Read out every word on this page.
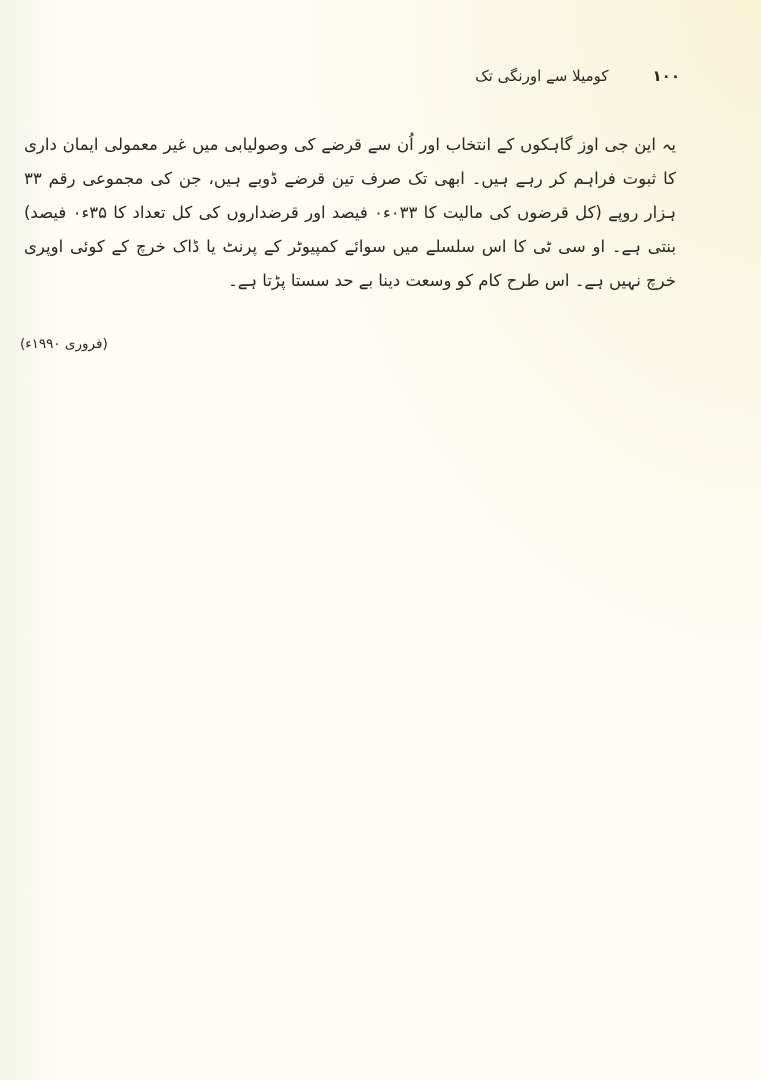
۱۰۰
کومیلا سے اورنگی تک

یہ این جی اوز گاہکوں کے انتخاب اور اُن سے قرضے کی وصولیابی میں غیر معمولی ایمان داری کا ثبوت فراہم کر رہے ہیں۔ ابھی تک صرف تین قرضے ڈوبے ہیں، جن کی مجموعی رقم ۳۳ ہزار روپے (کل قرضوں کی مالیت کا ۰۳۳ء۰ فیصد اور قرضداروں کی کل تعداد کا ۳۵ء۰ فیصد) بنتی ہے۔ او سی ٹی کا اس سلسلے میں سوائے کمپیوٹر کے پرنٹ یا ڈاک خرچ کے کوئی اوپری خرچ نہیں ہے۔ اس طرح کام کو وسعت دینا بے حد سستا پڑتا ہے۔

(فروری ۱۹۹۰ء)
